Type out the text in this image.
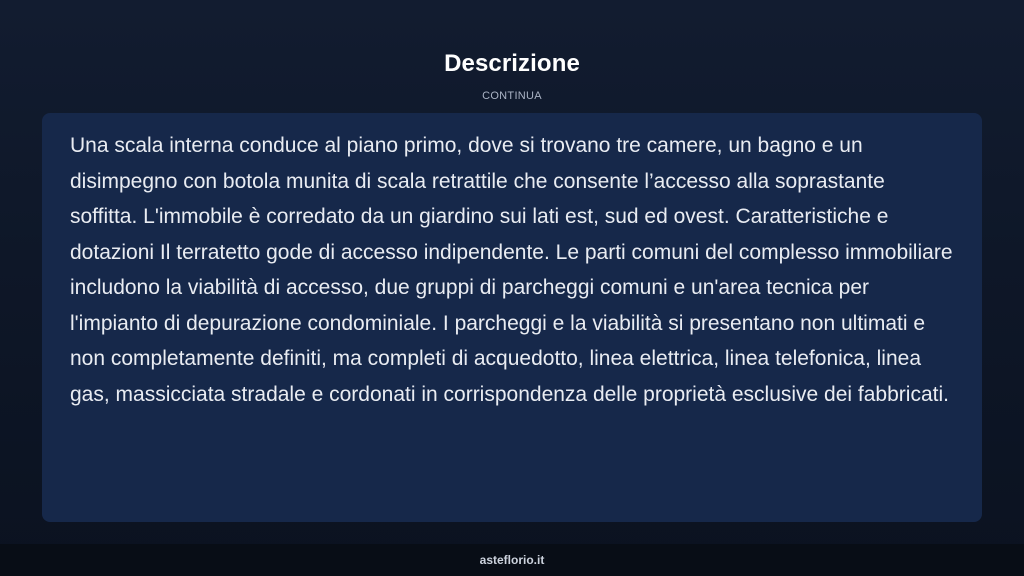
Descrizione
CONTINUA

Una scala interna conduce al piano primo, dove si trovano tre camere, un bagno e un disimpegno con botola munita di scala retrattile che consente l’accesso alla soprastante soffitta. L'immobile è corredato da un giardino sui lati est, sud ed ovest. Caratteristiche e dotazioni Il terratetto gode di accesso indipendente. Le parti comuni del complesso immobiliare includono la viabilità di accesso, due gruppi di parcheggi comuni e un'area tecnica per l'impianto di depurazione condominiale. I parcheggi e la viabilità si presentano non ultimati e non completamente definiti, ma completi di acquedotto, linea elettrica, linea telefonica, linea gas, massicciata stradale e cordonati in corrispondenza delle proprietà esclusive dei fabbricati.

asteflorio.it
